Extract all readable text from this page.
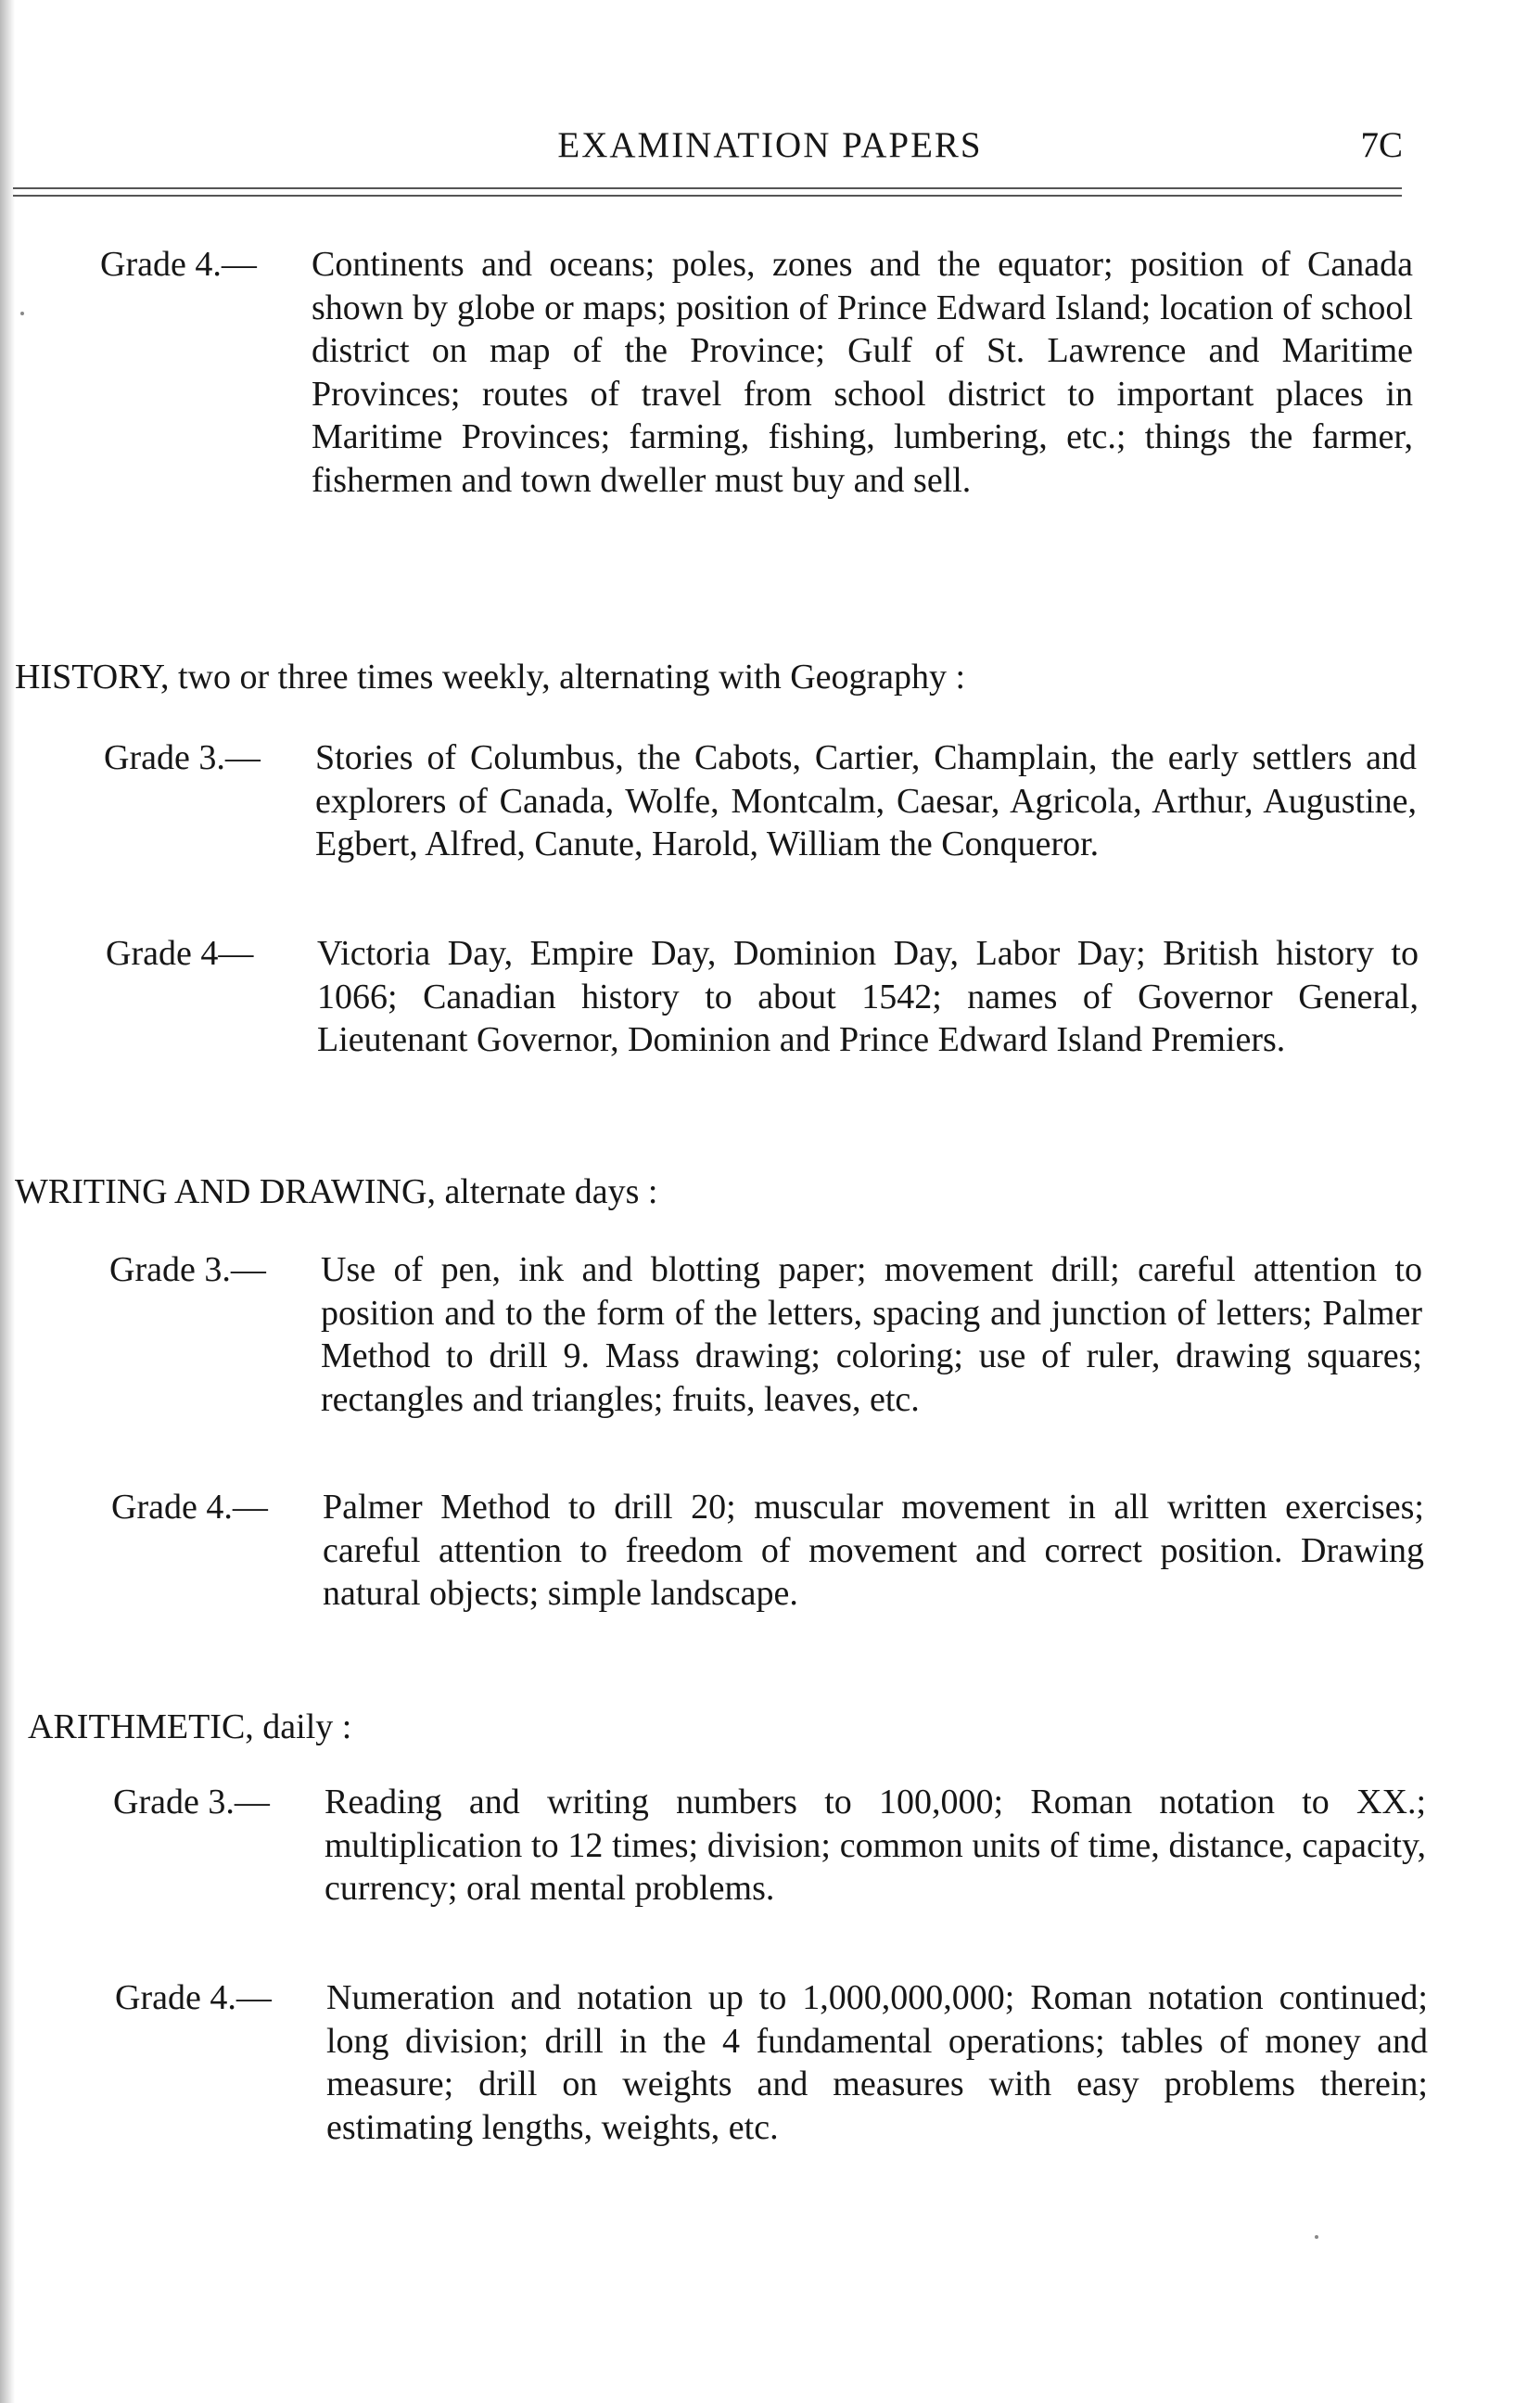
EXAMINATION PAPERS	7C
Grade 4.— Continents and oceans; poles, zones and the equator; position of Canada shown by globe or maps; position of Prince Edward Island; location of school district on map of the Province; Gulf of St. Lawrence and Maritime Provinces; routes of travel from school district to important places in Maritime Provinces; farming, fishing, lumbering, etc.; things the farmer, fishermen and town dweller must buy and sell.
HISTORY, two or three times weekly, alternating with Geography :
Grade 3.— Stories of Columbus, the Cabots, Cartier, Champlain, the early settlers and explorers of Canada, Wolfe, Montcalm, Caesar, Agricola, Arthur, Augustine, Egbert, Alfred, Canute, Harold, William the Conqueror.
Grade 4— Victoria Day, Empire Day, Dominion Day, Labor Day; British history to 1066; Canadian history to about 1542; names of Governor General, Lieutenant Governor, Dominion and Prince Edward Island Premiers.
WRITING AND DRAWING, alternate days :
Grade 3.— Use of pen, ink and blotting paper; movement drill; careful attention to position and to the form of the letters, spacing and junction of letters; Palmer Method to drill 9. Mass drawing; coloring; use of ruler, drawing squares; rectangles and triangles; fruits, leaves, etc.
Grade 4.— Palmer Method to drill 20; muscular movement in all written exercises; careful attention to freedom of movement and correct position. Drawing natural objects; simple landscape.
ARITHMETIC, daily :
Grade 3.— Reading and writing numbers to 100,000; Roman notation to XX.; multiplication to 12 times; division; common units of time, distance, capacity, currency; oral mental problems.
Grade 4.— Numeration and notation up to 1,000,000,000; Roman notation continued; long division; drill in the 4 fundamental operations; tables of money and measure; drill on weights and measures with easy problems therein; estimating lengths, weights, etc.
